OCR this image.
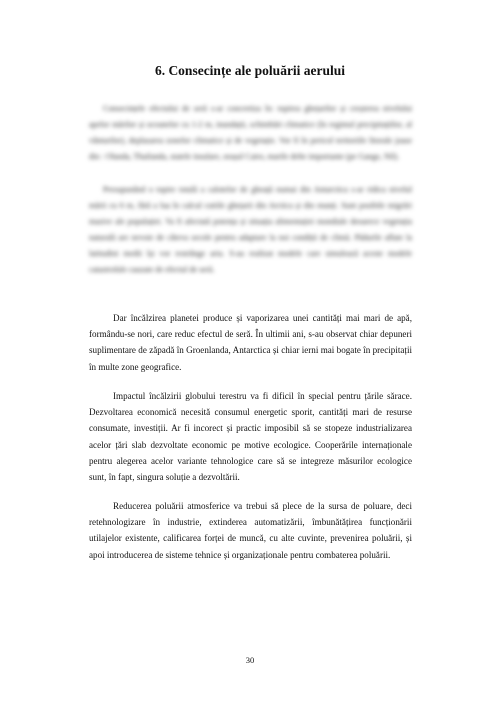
6. Consecințe ale poluării aerului

Consecințele efectului de seră s-ar concretiza în: topirea ghețarilor și creșterea nivelului apelor mărilor și oceanelor cu 1-2 m, inundații, schimbări climatice (în regimul precipitațiilor, al vânturilor), deplasarea zonelor climatice și de vegetație. Vor fi în pericol teritoriile litorale joase din : Olanda, Thailanda, statele insulare, orașul Cairo, marile delte importante (pe Gange, Nil).

Presupunând o topire totală a calotelor de gheață numai din Antarctica s-ar ridica nivelul mării cu 6 m, fără a lua în calcul cutiile ghețarii din Arctica și din munți. Sunt posibile migrări masive ale populației. Va fi afectată potența și situația alimentației mondiale deoarece vegetația naturală are nevoie de câteva secole pentru adaptare la noi condiții de climă. Pădurile aflate la latitudini medii își vor restrânge aria. S-au realizat modele care simulează aceste modele catastrofale cauzate de efectul de seră.

Dar încălzirea planetei produce și vaporizarea unei cantități mai mari de apă, formându-se nori, care reduc efectul de seră. În ultimii ani, s-au observat chiar depuneri suplimentare de zăpadă în Groenlanda, Antarctica și chiar ierni mai bogate în precipitații în multe zone geografice.

Impactul încălzirii globului terestru va fi dificil în special pentru țările sărace. Dezvoltarea economică necesită consumul energetic sporit, cantități mari de resurse consumate, investiții. Ar fi incorect și practic imposibil să se stopeze industrializarea acelor țări slab dezvoltate economic pe motive ecologice. Cooperările internaționale pentru alegerea acelor variante tehnologice care să se integreze măsurilor ecologice sunt, în fapt, singura soluție a dezvoltării.

Reducerea poluării atmosferice va trebui să plece de la sursa de poluare, deci retehnologizare în industrie, extinderea automatizării, îmbunătățirea funcționării utilajelor existente, calificarea forței de muncă, cu alte cuvinte, prevenirea poluării, și apoi introducerea de sisteme tehnice și organizaționale pentru combaterea poluării.

30
